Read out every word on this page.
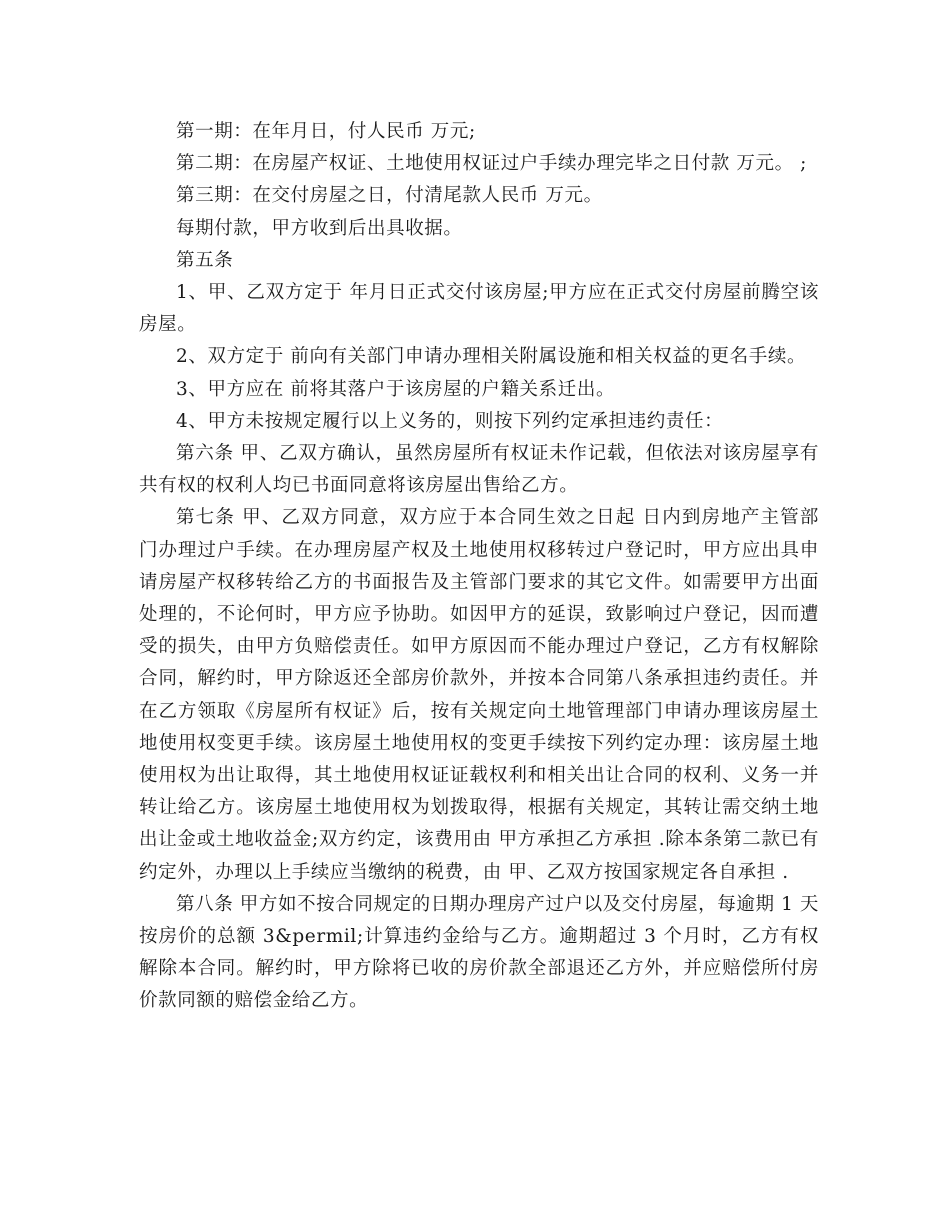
第一期：在年月日，付人民币 万元;

第二期：在房屋产权证、土地使用权证过户手续办理完毕之日付款 万元。 ;

第三期：在交付房屋之日，付清尾款人民币 万元。

每期付款，甲方收到后出具收据。

第五条

1、甲、乙双方定于 年月日正式交付该房屋;甲方应在正式交付房屋前腾空该房屋。

2、双方定于 前向有关部门申请办理相关附属设施和相关权益的更名手续。

3、甲方应在 前将其落户于该房屋的户籍关系迁出。

4、甲方未按规定履行以上义务的，则按下列约定承担违约责任：

第六条 甲、乙双方确认，虽然房屋所有权证未作记载，但依法对该房屋享有共有权的权利人均已书面同意将该房屋出售给乙方。

第七条 甲、乙双方同意，双方应于本合同生效之日起 日内到房地产主管部门办理过户手续。在办理房屋产权及土地使用权移转过户登记时，甲方应出具申请房屋产权移转给乙方的书面报告及主管部门要求的其它文件。如需要甲方出面处理的，不论何时，甲方应予协助。如因甲方的延误，致影响过户登记，因而遭受的损失，由甲方负赔偿责任。如甲方原因而不能办理过户登记，乙方有权解除合同，解约时，甲方除返还全部房价款外，并按本合同第八条承担违约责任。并在乙方领取《房屋所有权证》后，按有关规定向土地管理部门申请办理该房屋土地使用权变更手续。该房屋土地使用权的变更手续按下列约定办理：该房屋土地使用权为出让取得，其土地使用权证证载权利和相关出让合同的权利、义务一并转让给乙方。该房屋土地使用权为划拨取得，根据有关规定，其转让需交纳土地出让金或土地收益金;双方约定，该费用由 甲方承担乙方承担 .除本条第二款已有约定外，办理以上手续应当缴纳的税费，由 甲、乙双方按国家规定各自承担 .

第八条 甲方如不按合同规定的日期办理房产过户以及交付房屋，每逾期 1 天按房价的总额 3&permil;计算违约金给与乙方。逾期超过 3 个月时，乙方有权解除本合同。解约时，甲方除将已收的房价款全部退还乙方外，并应赔偿所付房价款同额的赔偿金给乙方。
